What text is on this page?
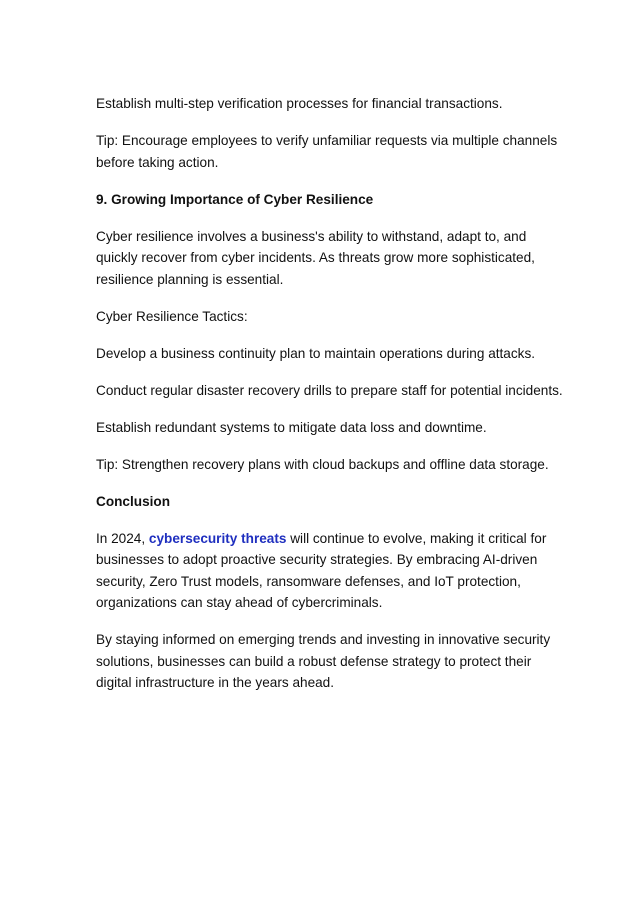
Establish multi-step verification processes for financial transactions.

Tip: Encourage employees to verify unfamiliar requests via multiple channels before taking action.

9. Growing Importance of Cyber Resilience

Cyber resilience involves a business's ability to withstand, adapt to, and quickly recover from cyber incidents. As threats grow more sophisticated, resilience planning is essential.

Cyber Resilience Tactics:

Develop a business continuity plan to maintain operations during attacks.

Conduct regular disaster recovery drills to prepare staff for potential incidents.

Establish redundant systems to mitigate data loss and downtime.

Tip: Strengthen recovery plans with cloud backups and offline data storage.

Conclusion

In 2024, cybersecurity threats will continue to evolve, making it critical for businesses to adopt proactive security strategies. By embracing AI-driven security, Zero Trust models, ransomware defenses, and IoT protection, organizations can stay ahead of cybercriminals.

By staying informed on emerging trends and investing in innovative security solutions, businesses can build a robust defense strategy to protect their digital infrastructure in the years ahead.
